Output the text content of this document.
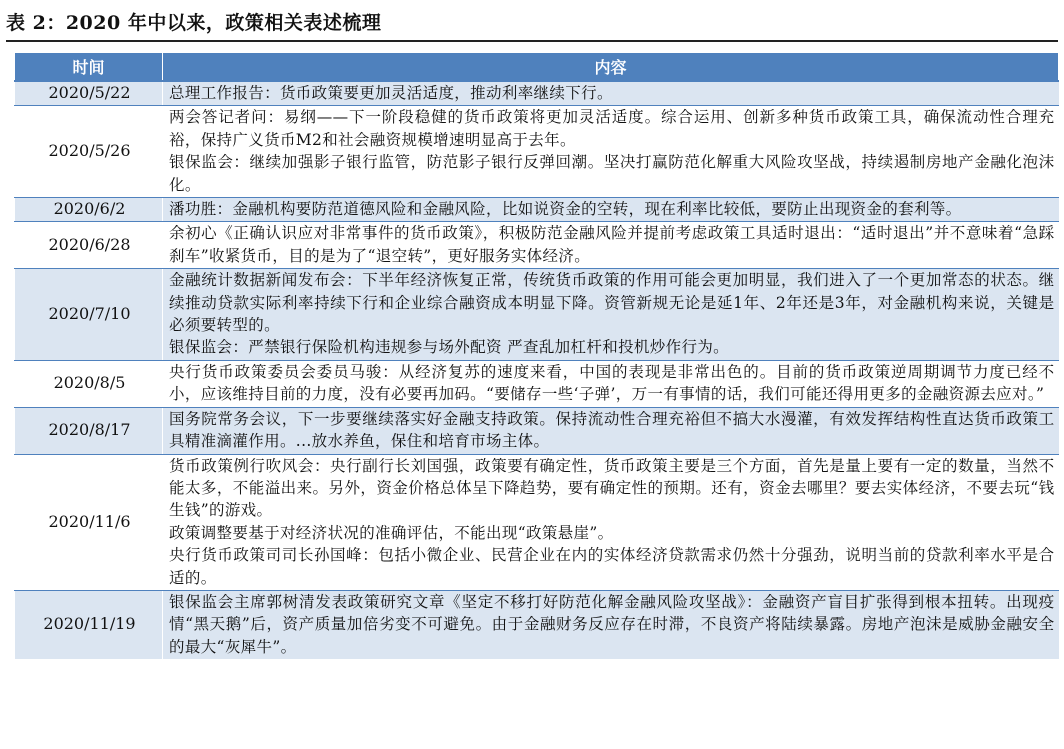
表 2：2020 年中以来，政策相关表述梳理
时间	内容
2020/5/22	总理工作报告：货币政策要更加灵活适度，推动利率继续下行。

2020/5/26	两会答记者问：易纲——下一阶段稳健的货币政策将更加灵活适度。综合运用、创新多种货币政策工具，确保流动性合理充裕，保持广义货币M2和社会融资规模增速明显高于去年。
银保监会：继续加强影子银行监管，防范影子银行反弹回潮。坚决打赢防范化解重大风险攻坚战，持续遏制房地产金融化泡沫化。

2020/6/2	潘功胜：金融机构要防范道德风险和金融风险，比如说资金的空转，现在利率比较低，要防止出现资金的套利等。

2020/6/28	余初心《正确认识应对非常事件的货币政策》，积极防范金融风险并提前考虑政策工具适时退出：“适时退出”并不意味着“急踩刹车”收紧货币，目的是为了“退空转”，更好服务实体经济。

2020/7/10	金融统计数据新闻发布会：下半年经济恢复正常，传统货币政策的作用可能会更加明显，我们进入了一个更加常态的状态。继续推动贷款实际利率持续下行和企业综合融资成本明显下降。资管新规无论是延1年、2年还是3年，对金融机构来说，关键是必须要转型的。
银保监会：严禁银行保险机构违规参与场外配资 严查乱加杠杆和投机炒作行为。

2020/8/5	央行货币政策委员会委员马骏：从经济复苏的速度来看，中国的表现是非常出色的。目前的货币政策逆周期调节力度已经不小，应该维持目前的力度，没有必要再加码。“要储存一些‘子弹’，万一有事情的话，我们可能还得用更多的金融资源去应对。”

2020/8/17	国务院常务会议，下一步要继续落实好金融支持政策。保持流动性合理充裕但不搞大水漫灌，有效发挥结构性直达货币政策工具精准滴灌作用。...放水养鱼，保住和培育市场主体。

2020/11/6	货币政策例行吹风会：央行副行长刘国强，政策要有确定性，货币政策主要是三个方面，首先是量上要有一定的数量，当然不能太多，不能溢出来。另外，资金价格总体呈下降趋势，要有确定性的预期。还有，资金去哪里？要去实体经济，不要去玩“钱生钱”的游戏。
政策调整要基于对经济状况的准确评估，不能出现“政策悬崖”。
央行货币政策司司长孙国峰：包括小微企业、民营企业在内的实体经济贷款需求仍然十分强劲，说明当前的贷款利率水平是合适的。

2020/11/19	银保监会主席郭树清发表政策研究文章《坚定不移打好防范化解金融风险攻坚战》：金融资产盲目扩张得到根本扭转。出现疫情“黑天鹅”后，资产质量加倍劣变不可避免。由于金融财务反应存在时滞，不良资产将陆续暴露。房地产泡沫是威胁金融安全的最大“灰犀牛”。
